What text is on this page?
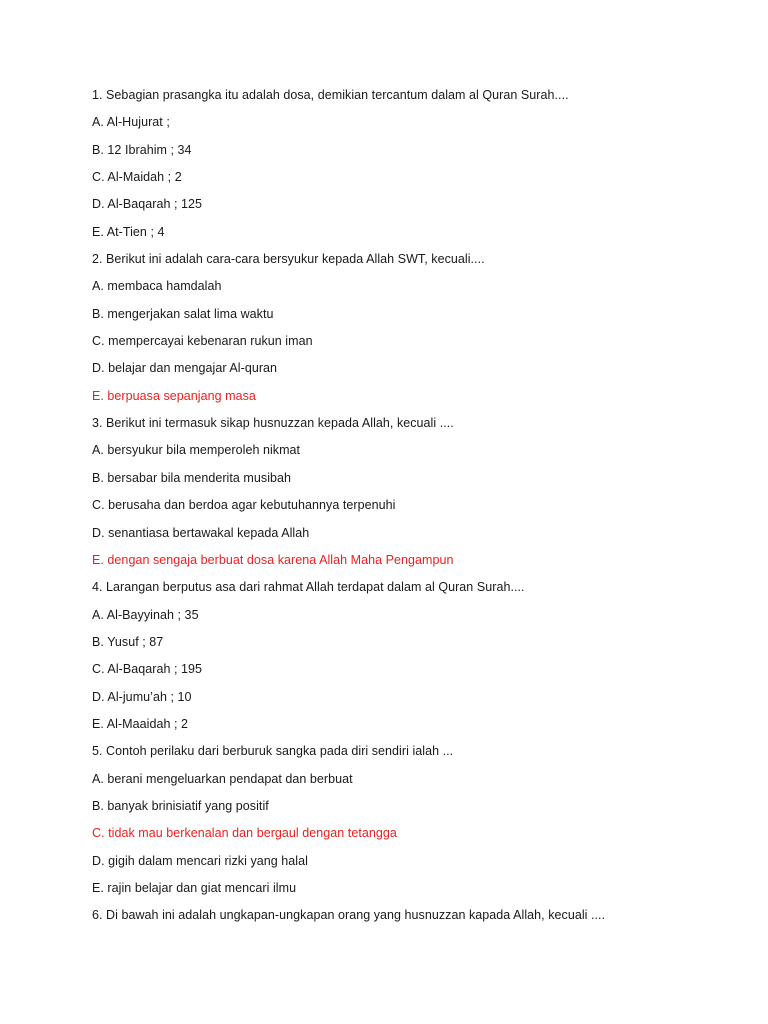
1. Sebagian prasangka itu adalah dosa, demikian tercantum dalam al Quran Surah....
A. Al-Hujurat ;
B. 12 Ibrahim ; 34
C. Al-Maidah ; 2
D. Al-Baqarah ; 125
E. At-Tien ; 4
2. Berikut ini adalah cara-cara bersyukur kepada Allah SWT, kecuali....
A. membaca hamdalah
B. mengerjakan salat lima waktu
C. mempercayai kebenaran rukun iman
D. belajar dan mengajar Al-quran
E. berpuasa sepanjang masa
3. Berikut ini termasuk sikap husnuzzan kepada Allah, kecuali ....
A. bersyukur bila memperoleh nikmat
B. bersabar bila menderita musibah
C. berusaha dan berdoa agar kebutuhannya terpenuhi
D. senantiasa bertawakal kepada Allah
E. dengan sengaja berbuat dosa karena Allah Maha Pengampun
4. Larangan berputus asa dari rahmat Allah terdapat dalam al Quran Surah....
A. Al-Bayyinah ; 35
B. Yusuf ; 87
C. Al-Baqarah ; 195
D. Al-jumu’ah ; 10
E. Al-Maaidah ; 2
5. Contoh perilaku dari berburuk sangka pada diri sendiri ialah ...
A. berani mengeluarkan pendapat dan berbuat
B. banyak brinisiatif yang positif
C. tidak mau berkenalan dan bergaul dengan tetangga
D. gigih dalam mencari rizki yang halal
E. rajin belajar dan giat mencari ilmu
6. Di bawah ini adalah ungkapan-ungkapan orang yang husnuzzan kapada Allah, kecuali ....
